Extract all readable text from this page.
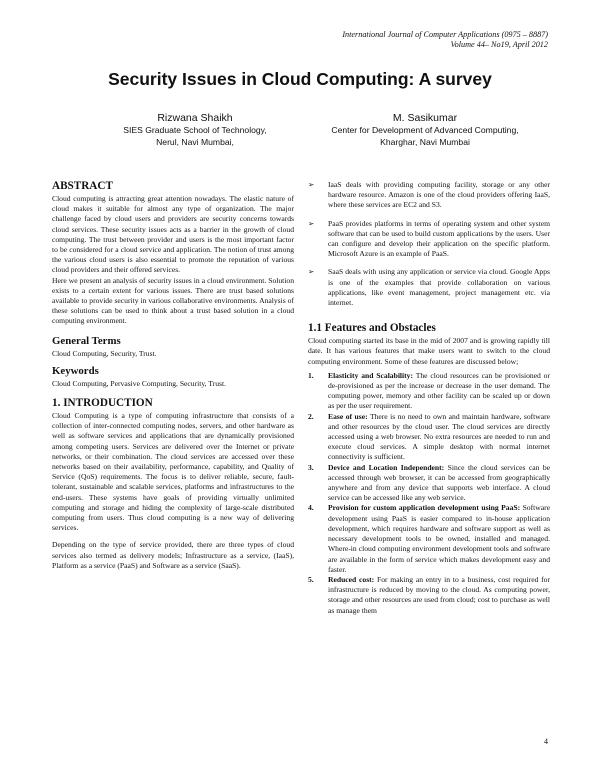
International Journal of Computer Applications (0975 – 8887)
Volume 44– No19, April 2012
Security Issues in Cloud Computing: A survey
Rizwana Shaikh
SIES Graduate School of Technology,
Nerul, Navi Mumbai,
M. Sasikumar
Center for Development of Advanced Computing,
Kharghar, Navi Mumbai
ABSTRACT

Cloud computing is attracting great attention nowadays. The elastic nature of cloud makes it suitable for almost any type of organization. The major challenge faced by cloud users and providers are security concerns towards cloud services. These security issues acts as a barrier in the growth of cloud computing. The trust between provider and users is the most important factor to be considered for a cloud service and application. The notion of trust among the various cloud users is also essential to promote the reputation of various cloud providers and their offered services.

Here we present an analysis of security issues in a cloud environment. Solution exists to a certain extent for various issues. There are trust based solutions available to provide security in various collaborative environments. Analysis of these solutions can be used to think about a trust based solution in a cloud computing environment.

General Terms

Cloud Computing, Security, Trust.

Keywords

Cloud Computing, Pervasive Computing, Security, Trust.

1. INTRODUCTION

Cloud Computing is a type of computing infrastructure that consists of a collection of inter-connected computing nodes, servers, and other hardware as well as software services and applications that are dynamically provisioned among competing users. Services are delivered over the Internet or private networks, or their combination. The cloud services are accessed over these networks based on their availability, performance, capability, and Quality of Service (QoS) requirements. The focus is to deliver reliable, secure, fault-tolerant, sustainable and scalable services, platforms and infrastructures to the end-users. These systems have goals of providing virtually unlimited computing and storage and hiding the complexity of large-scale distributed computing from users. Thus cloud computing is a new way of delivering services.

Depending on the type of service provided, there are three types of cloud services also termed as delivery models; Infrastructure as a service, (IaaS), Platform as a service (PaaS) and Software as a service (SaaS).

➢ IaaS deals with providing computing facility, storage or any other hardware resource. Amazon is one of the cloud providers offering IaaS, where these services are EC2 and S3.
➢ PaaS provides platforms in terms of operating system and other system software that can be used to build custom applications by the users. User can configure and develop their application on the specific platform. Microsoft Azure is an example of PaaS.
➢ SaaS deals with using any application or service via cloud. Google Apps is one of the examples that provide collaboration on various applications, like event management, project management etc. via internet.
1.1 Features and Obstacles

Cloud computing started its base in the mid of 2007 and is growing rapidly till date. It has various features that make users want to switch to the cloud computing environment. Some of these features are discussed below;

1. Elasticity and Scalability: The cloud resources can be provisioned or de-provisioned as per the increase or decrease in the user demand. The computing power, memory and other facility can be scaled up or down as per the user requirement.
2. Ease of use: There is no need to own and maintain hardware, software and other resources by the cloud user. The cloud services are directly accessed using a web browser. No extra resources are needed to run and execute cloud services. A simple desktop with normal internet connectivity is sufficient.
3. Device and Location Independent: Since the cloud services can be accessed through web browser, it can be accessed from geographically anywhere and from any device that supports web interface. A cloud service can be accessed like any web service.
4. Provision for custom application development using PaaS: Software development using PaaS is easier compared to in-house application development, which requires hardware and software support as well as necessary development tools to be owned, installed and managed. Where-in cloud computing environment development tools and software are available in the form of service which makes development easy and faster.
5. Reduced cost: For making an entry in to a business, cost required for infrastructure is reduced by moving to the cloud. As computing power, storage and other resources are used from cloud; cost to purchase as well as manage them
4
